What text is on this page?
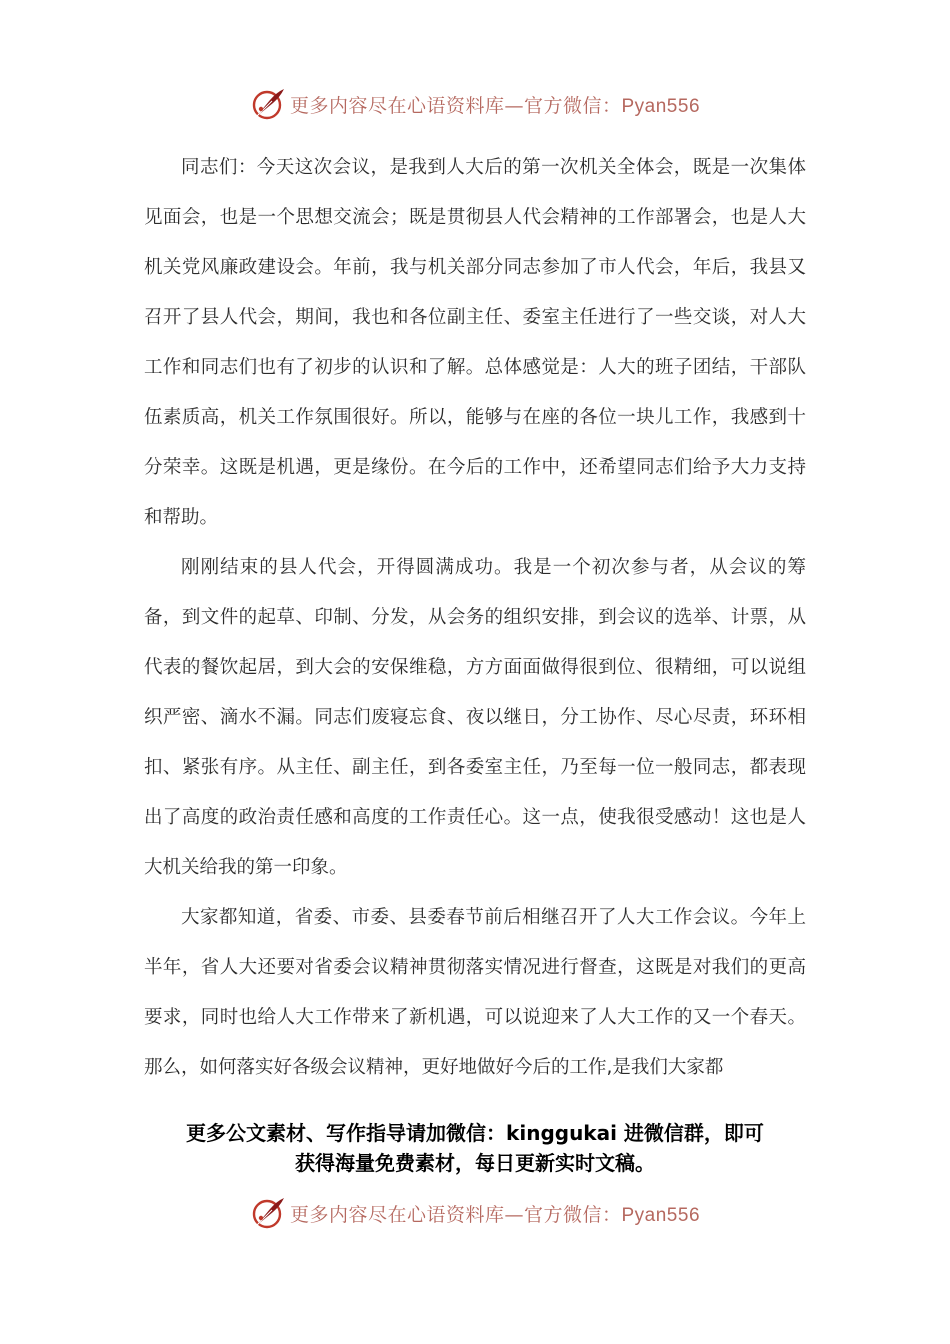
更多内容尽在心语资料库—官方微信：Pyan556

同志们：今天这次会议，是我到人大后的第一次机关全体会，既是一次集体见面会，也是一个思想交流会；既是贯彻县人代会精神的工作部署会，也是人大机关党风廉政建设会。年前，我与机关部分同志参加了市人代会，年后，我县又召开了县人代会，期间，我也和各位副主任、委室主任进行了一些交谈，对人大工作和同志们也有了初步的认识和了解。总体感觉是：人大的班子团结，干部队伍素质高，机关工作氛围很好。所以，能够与在座的各位一块儿工作，我感到十分荣幸。这既是机遇，更是缘份。在今后的工作中，还希望同志们给予大力支持和帮助。

刚刚结束的县人代会，开得圆满成功。我是一个初次参与者，从会议的筹备，到文件的起草、印制、分发，从会务的组织安排，到会议的选举、计票，从代表的餐饮起居，到大会的安保维稳，方方面面做得很到位、很精细，可以说组织严密、滴水不漏。同志们废寝忘食、夜以继日，分工协作、尽心尽责，环环相扣、紧张有序。从主任、副主任，到各委室主任，乃至每一位一般同志，都表现出了高度的政治责任感和高度的工作责任心。这一点，使我很受感动！这也是人大机关给我的第一印象。

大家都知道，省委、市委、县委春节前后相继召开了人大工作会议。今年上半年，省人大还要对省委会议精神贯彻落实情况进行督查，这既是对我们的更高要求，同时也给人大工作带来了新机遇，可以说迎来了人大工作的又一个春天。那么，如何落实好各级会议精神，更好地做好今后的工作,是我们大家都

更多公文素材、写作指导请加微信：kinggukai 进微信群，即可
获得海量免费素材，每日更新实时文稿。
更多内容尽在心语资料库—官方微信：Pyan556
